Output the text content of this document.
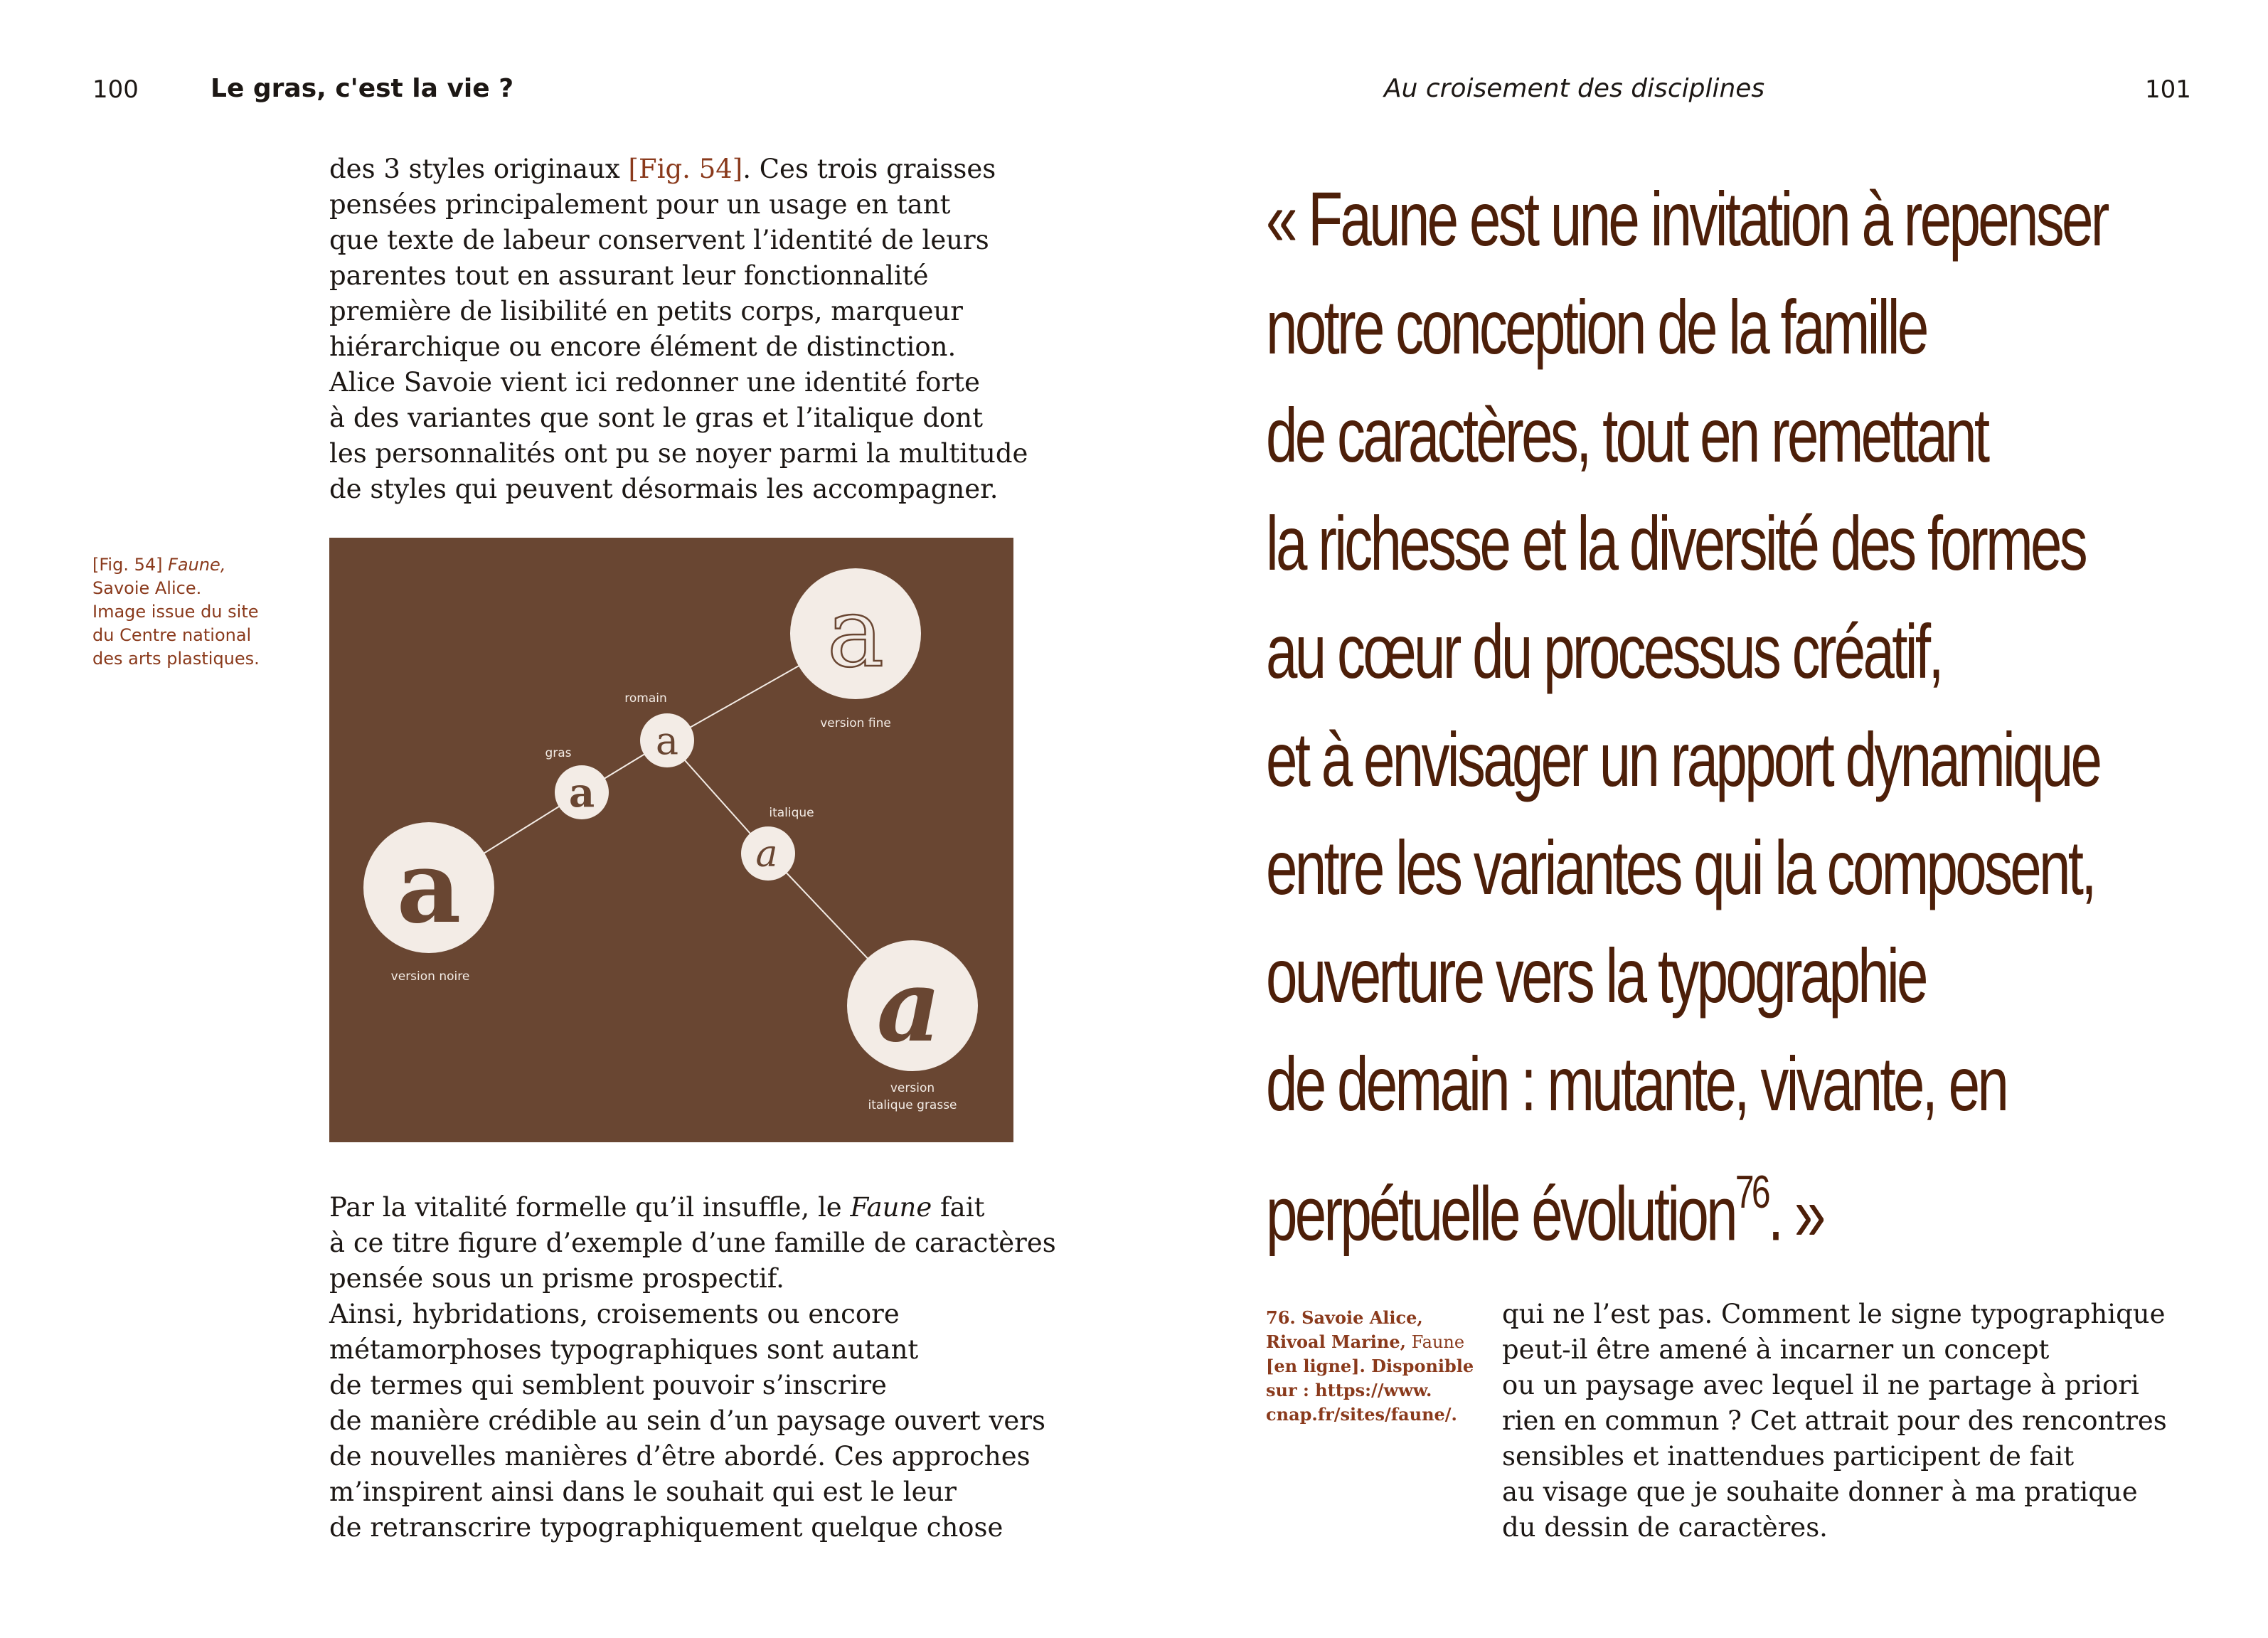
100	Le gras, c'est la vie ?
des 3 styles originaux [Fig. 54]. Ces trois graisses
pensées principalement pour un usage en tant
que texte de labeur conservent l’identité de leurs
parentes tout en assurant leur fonctionnalité
première de lisibilité en petits corps, marqueur
hiérarchique ou encore élément de distinction.
Alice Savoie vient ici redonner une identité forte
à des variantes que sont le gras et l’italique dont
les personnalités ont pu se noyer parmi la multitude
de styles qui peuvent désormais les accompagner.
[Fig. 54] Faune,
Savoie Alice.
Image issue du site
du Centre national
des arts plastiques.	a
version fine
a
romain
a
gras
a
version noire
a
italique
a
version
italique grasse
Par la vitalité formelle qu’il insuffle, le Faune fait
à ce titre figure d’exemple d’une famille de caractères
pensée sous un prisme prospectif.
Ainsi, hybridations, croisements ou encore
métamorphoses typographiques sont autant
de termes qui semblent pouvoir s’inscrire
de manière crédible au sein d’un paysage ouvert vers
de nouvelles manières d’être abordé. Ces approches
m’inspirent ainsi dans le souhait qui est le leur
de retranscrire typographiquement quelque chose
Au croisement des disciplines	101
« Faune est une invitation à repenser
notre conception de la famille
de caractères, tout en remettant
la richesse et la diversité des formes
au cœur du processus créatif,
et à envisager un rapport dynamique
entre les variantes qui la composent,
ouverture vers la typographie
de demain : mutante, vivante, en
perpétuelle évolution$^{76}$. »
76. Savoie Alice,
Rivoal Marine, Faune
[en ligne]. Disponible
sur : https://www.
cnap.fr/sites/faune/.
qui ne l’est pas. Comment le signe typographique
peut-il être amené à incarner un concept
ou un paysage avec lequel il ne partage à priori
rien en commun ? Cet attrait pour des rencontres
sensibles et inattendues participent de fait
au visage que je souhaite donner à ma pratique
du dessin de caractères.
